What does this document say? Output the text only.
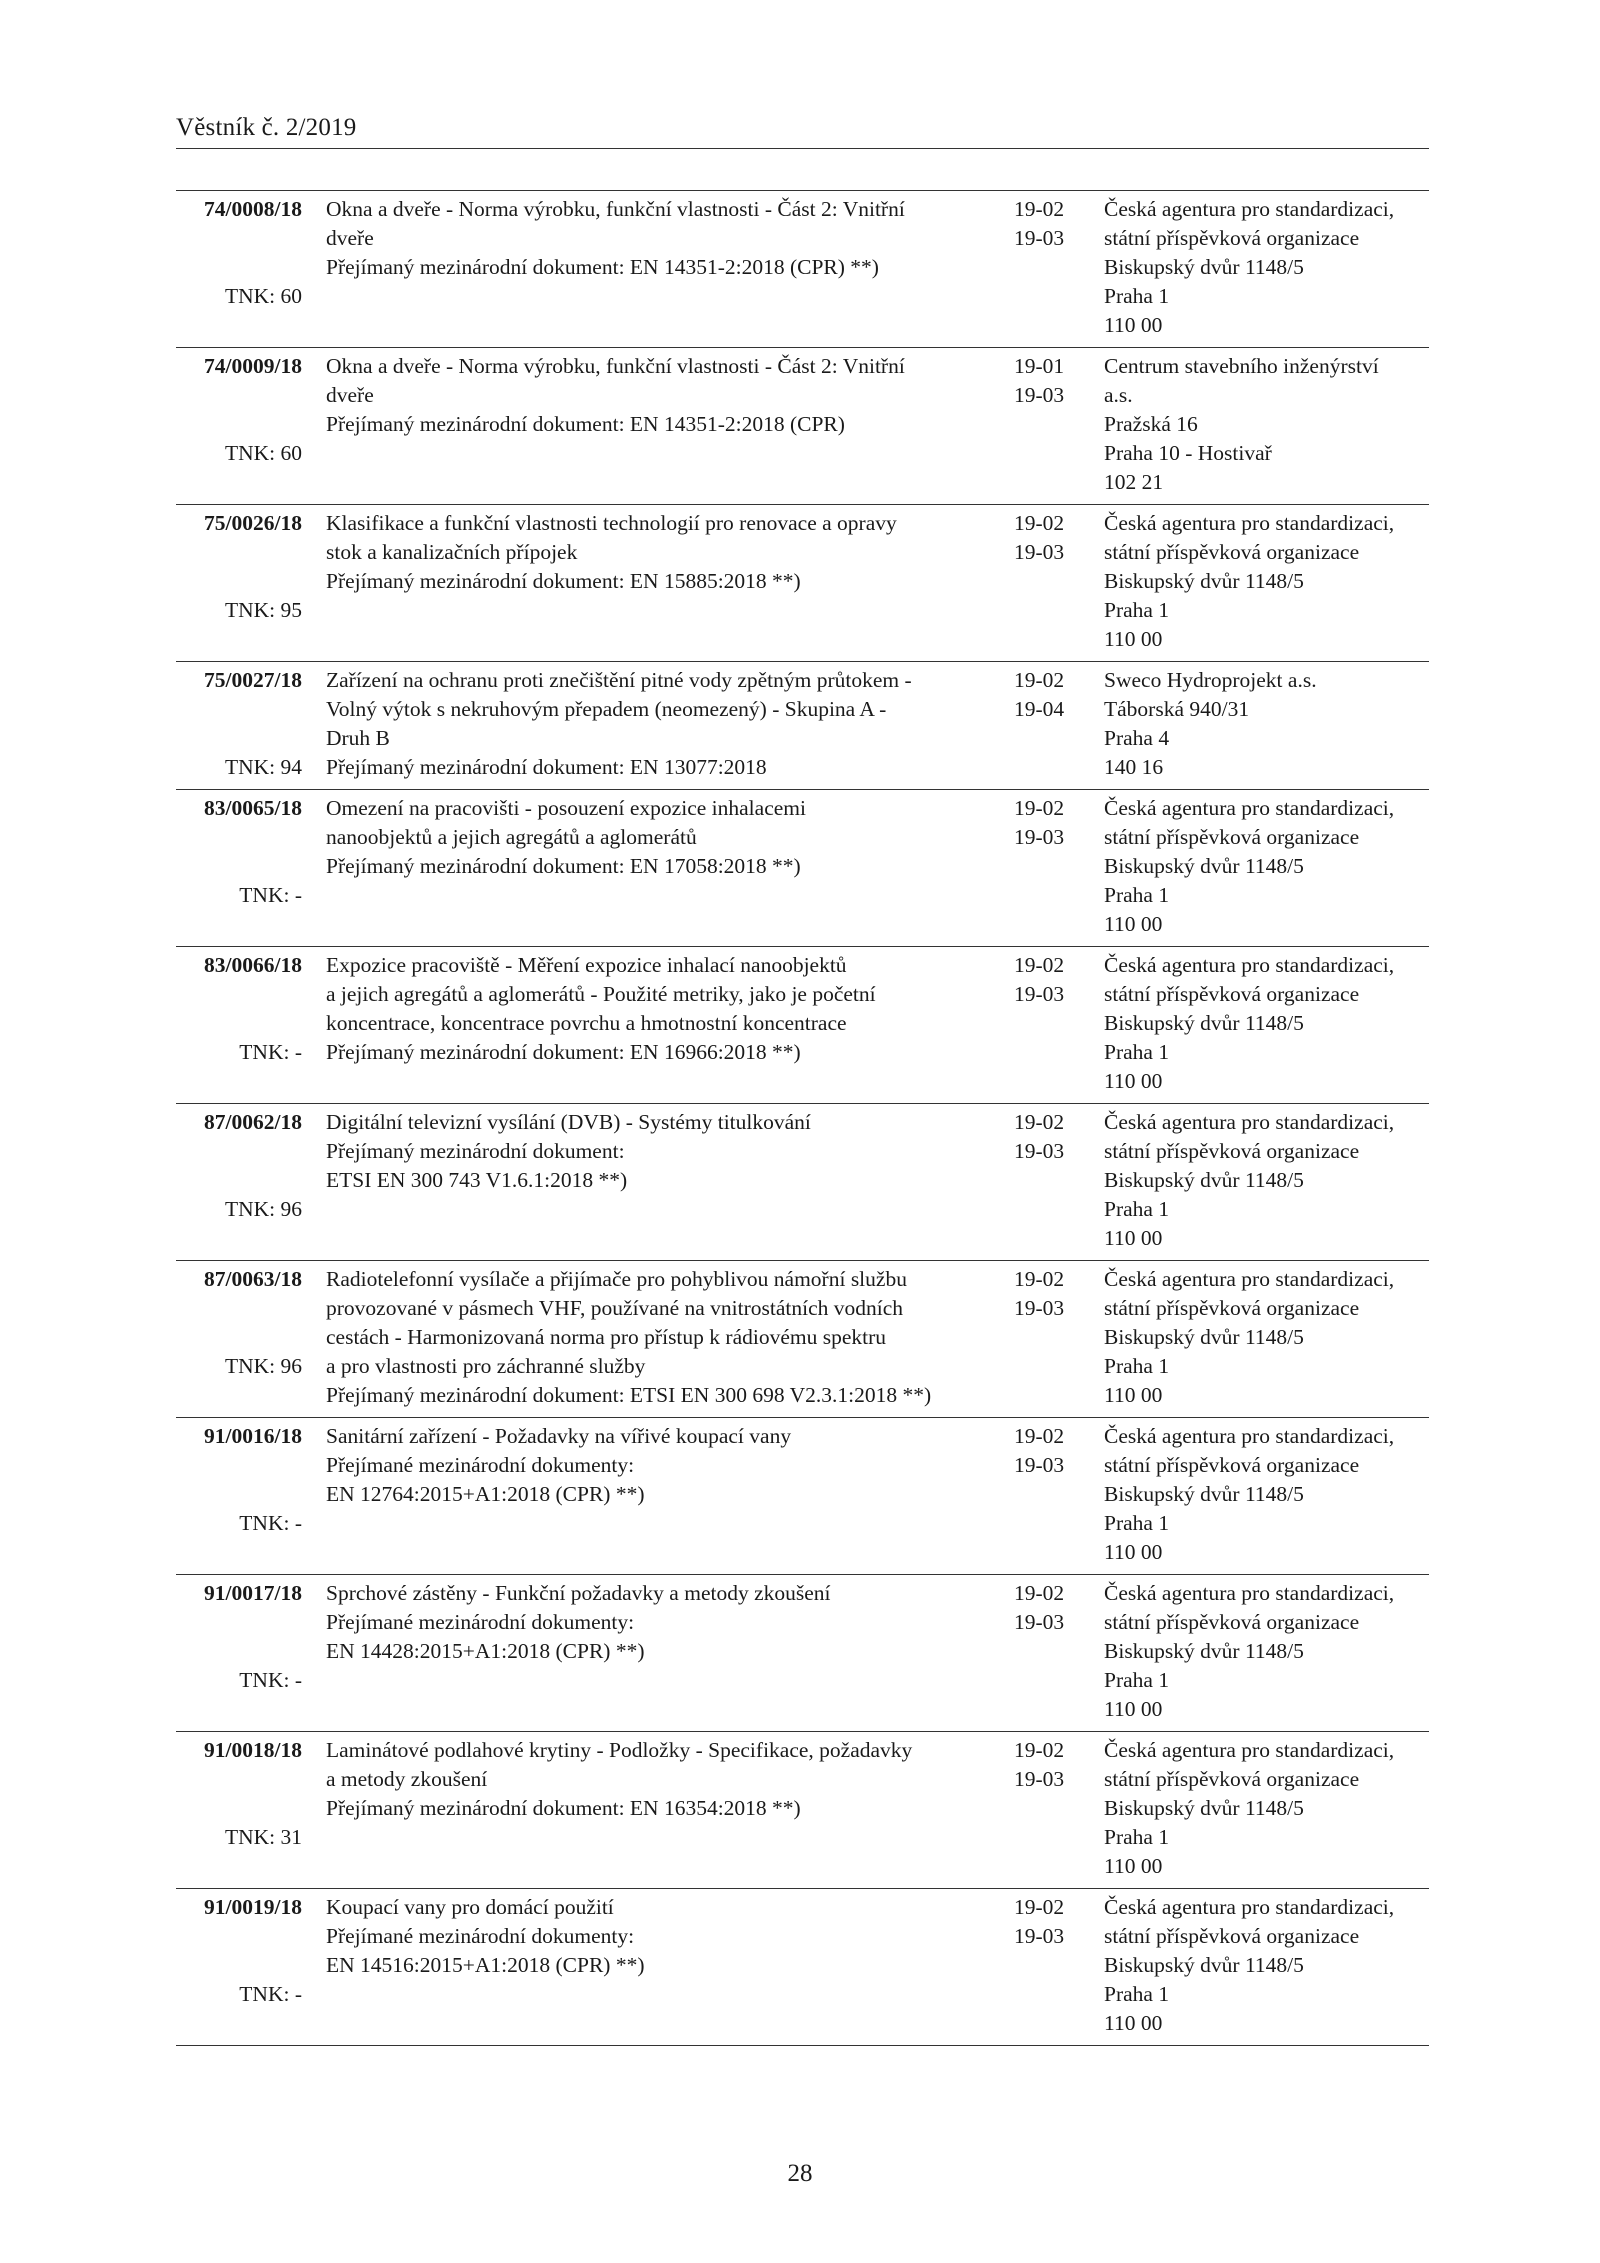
Věstník č. 2/2019
74/0008/18
TNK: 60
Okna a dveře - Norma výrobku, funkční vlastnosti - Část 2: Vnitřní
dveře
Přejímaný mezinárodní dokument: EN 14351-2:2018 (CPR) **)
19-02
19-03
Česká agentura pro standardizaci,
státní příspěvková organizace
Biskupský dvůr 1148/5
Praha 1
110 00
74/0009/18
TNK: 60
Okna a dveře - Norma výrobku, funkční vlastnosti - Část 2: Vnitřní
dveře
Přejímaný mezinárodní dokument: EN 14351-2:2018 (CPR)
19-01
19-03
Centrum stavebního inženýrství
a.s.
Pražská 16
Praha 10 - Hostivař
102 21
75/0026/18
TNK: 95
Klasifikace a funkční vlastnosti technologií pro renovace a opravy
stok a kanalizačních přípojek
Přejímaný mezinárodní dokument: EN 15885:2018 **)
19-02
19-03
Česká agentura pro standardizaci,
státní příspěvková organizace
Biskupský dvůr 1148/5
Praha 1
110 00
75/0027/18
TNK: 94
Zařízení na ochranu proti znečištění pitné vody zpětným průtokem -
Volný výtok s nekruhovým přepadem (neomezený) - Skupina A -
Druh B
Přejímaný mezinárodní dokument: EN 13077:2018
19-02
19-04
Sweco Hydroprojekt a.s.
Táborská 940/31
Praha 4
140 16
83/0065/18
TNK: -
Omezení na pracovišti - posouzení expozice inhalacemi
nanoobjektů a jejich agregátů a aglomerátů
Přejímaný mezinárodní dokument: EN 17058:2018 **)
19-02
19-03
Česká agentura pro standardizaci,
státní příspěvková organizace
Biskupský dvůr 1148/5
Praha 1
110 00
83/0066/18
TNK: -
Expozice pracoviště - Měření expozice inhalací nanoobjektů
a jejich agregátů a aglomerátů - Použité metriky, jako je početní
koncentrace, koncentrace povrchu a hmotnostní koncentrace
Přejímaný mezinárodní dokument: EN 16966:2018 **)
19-02
19-03
Česká agentura pro standardizaci,
státní příspěvková organizace
Biskupský dvůr 1148/5
Praha 1
110 00
87/0062/18
TNK: 96
Digitální televizní vysílání (DVB) - Systémy titulkování
Přejímaný mezinárodní dokument:
ETSI EN 300 743 V1.6.1:2018 **)
19-02
19-03
Česká agentura pro standardizaci,
státní příspěvková organizace
Biskupský dvůr 1148/5
Praha 1
110 00
87/0063/18
TNK: 96
Radiotelefonní vysílače a přijímače pro pohyblivou námořní službu
provozované v pásmech VHF, používané na vnitrostátních vodních
cestách - Harmonizovaná norma pro přístup k rádiovému spektru
a pro vlastnosti pro záchranné služby
Přejímaný mezinárodní dokument: ETSI EN 300 698 V2.3.1:2018 **)
19-02
19-03
Česká agentura pro standardizaci,
státní příspěvková organizace
Biskupský dvůr 1148/5
Praha 1
110 00
91/0016/18
TNK: -
Sanitární zařízení - Požadavky na vířivé koupací vany
Přejímané mezinárodní dokumenty:
EN 12764:2015+A1:2018 (CPR) **)
19-02
19-03
Česká agentura pro standardizaci,
státní příspěvková organizace
Biskupský dvůr 1148/5
Praha 1
110 00
91/0017/18
TNK: -
Sprchové zástěny - Funkční požadavky a metody zkoušení
Přejímané mezinárodní dokumenty:
EN 14428:2015+A1:2018 (CPR) **)
19-02
19-03
Česká agentura pro standardizaci,
státní příspěvková organizace
Biskupský dvůr 1148/5
Praha 1
110 00
91/0018/18
TNK: 31
Laminátové podlahové krytiny - Podložky - Specifikace, požadavky
a metody zkoušení
Přejímaný mezinárodní dokument: EN 16354:2018 **)
19-02
19-03
Česká agentura pro standardizaci,
státní příspěvková organizace
Biskupský dvůr 1148/5
Praha 1
110 00
91/0019/18
TNK: -
Koupací vany pro domácí použití
Přejímané mezinárodní dokumenty:
EN 14516:2015+A1:2018 (CPR) **)
19-02
19-03
Česká agentura pro standardizaci,
státní příspěvková organizace
Biskupský dvůr 1148/5
Praha 1
110 00
28
